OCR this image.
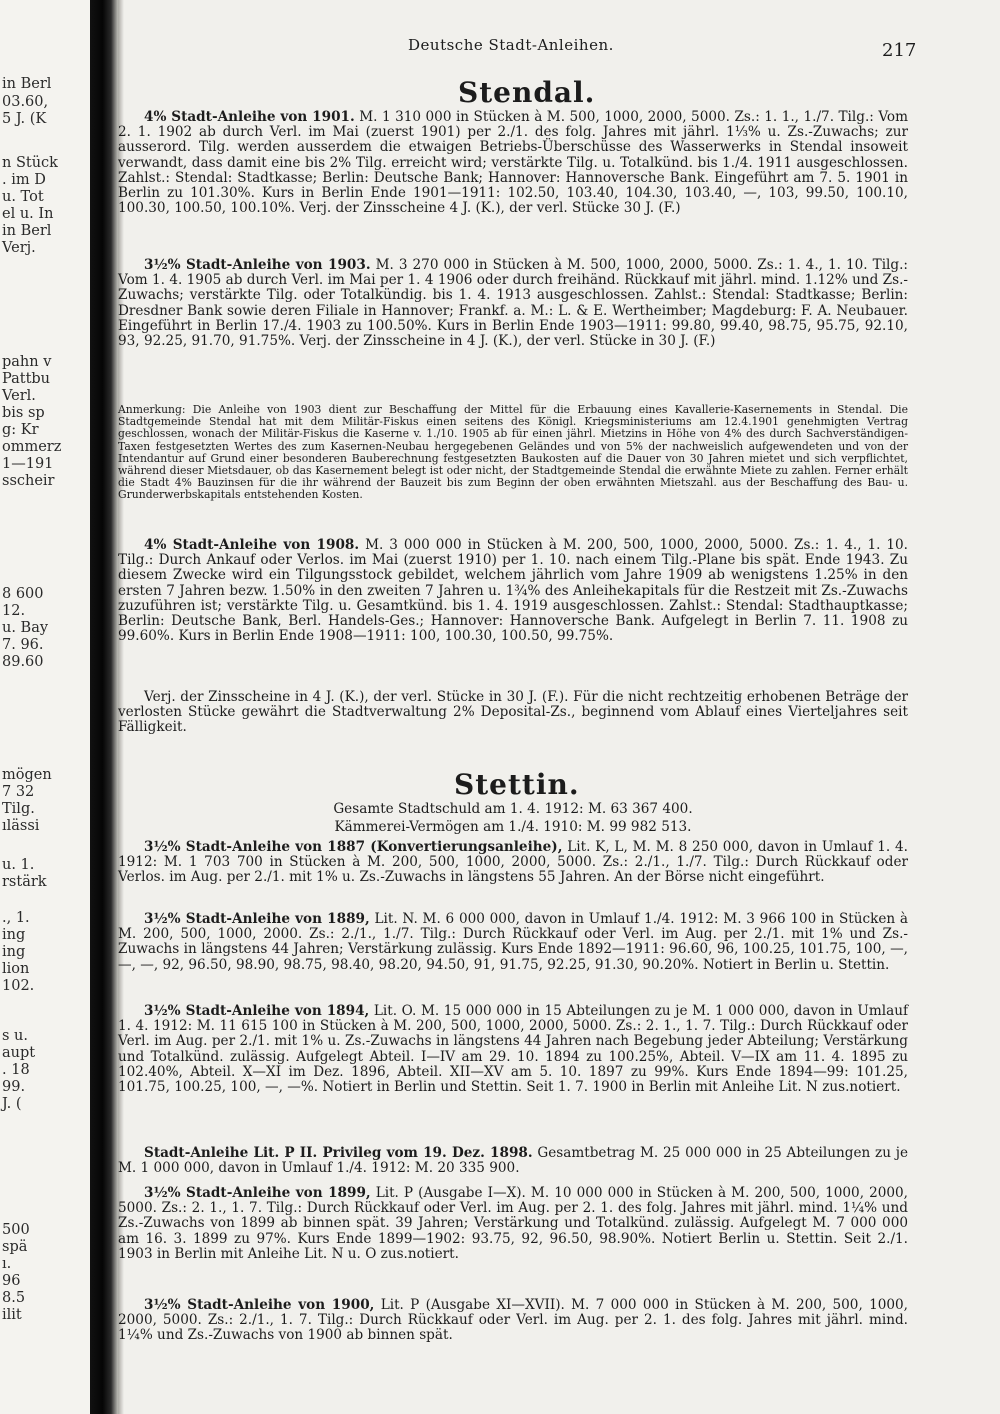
in Berl
03.60,
5 J. (K
n Stück
. im D
u. Tot
el u. In
in Berl
Verj.
pahn v
Pattbu
Verl.
bis sp
g: Kr
ommerz
1—191
sscheir
8 600
12.
u. Bay
7. 96.
89.60
mögen
7 32
Tilg.
ılässi
u. 1.
rstärk
., 1.
ing
ing
lion
102.
s u.
aupt
. 18
99.
J. (
500
spä
ı.
96
8.5
ilit
Deutsche Stadt-Anleihen.	217
Stendal.
4% Stadt-Anleihe von 1901. M. 1 310 000 in Stücken à M. 500, 1000, 2000, 5000. Zs.: 1. 1., 1./7. Tilg.: Vom 2. 1. 1902 ab durch Verl. im Mai (zuerst 1901) per 2./1. des folg. Jahres mit jährl. 1⅓% u. Zs.-Zuwachs; zur ausserord. Tilg. werden ausserdem die etwaigen Betriebs-Überschüsse des Wasserwerks in Stendal insoweit verwandt, dass damit eine bis 2% Tilg. erreicht wird; verstärkte Tilg. u. Totalkünd. bis 1./4. 1911 ausgeschlossen. Zahlst.: Stendal: Stadtkasse; Berlin: Deutsche Bank; Hannover: Hannoversche Bank. Eingeführt am 7. 5. 1901 in Berlin zu 101.30%. Kurs in Berlin Ende 1901—1911: 102.50, 103.40, 104.30, 103.40, —, 103, 99.50, 100.10, 100.30, 100.50, 100.10%. Verj. der Zinsscheine 4 J. (K.), der verl. Stücke 30 J. (F.)
3½% Stadt-Anleihe von 1903. M. 3 270 000 in Stücken à M. 500, 1000, 2000, 5000. Zs.: 1. 4., 1. 10. Tilg.: Vom 1. 4. 1905 ab durch Verl. im Mai per 1. 4 1906 oder durch freihänd. Rückkauf mit jährl. mind. 1.12% und Zs.-Zuwachs; verstärkte Tilg. oder Totalkündig. bis 1. 4. 1913 ausgeschlossen. Zahlst.: Stendal: Stadtkasse; Berlin: Dresdner Bank sowie deren Filiale in Hannover; Frankf. a. M.: L. & E. Wertheimber; Magdeburg: F. A. Neubauer. Eingeführt in Berlin 17./4. 1903 zu 100.50%. Kurs in Berlin Ende 1903—1911: 99.80, 99.40, 98.75, 95.75, 92.10, 93, 92.25, 91.70, 91.75%. Verj. der Zinsscheine in 4 J. (K.), der verl. Stücke in 30 J. (F.)
Anmerkung: Die Anleihe von 1903 dient zur Beschaffung der Mittel für die Erbauung eines Kavallerie-Kasernements in Stendal. Die Stadtgemeinde Stendal hat mit dem Militär-Fiskus einen seitens des Königl. Kriegsministeriums am 12.4.1901 genehmigten Vertrag geschlossen, wonach der Militär-Fiskus die Kaserne v. 1./10. 1905 ab für einen jährl. Mietzins in Höhe von 4% des durch Sachverständigen-Taxen festgesetzten Wertes des zum Kasernen-Neubau hergegebenen Geländes und von 5% der nachweislich aufgewendeten und von der Intendantur auf Grund einer besonderen Bauberechnung festgesetzten Baukosten auf die Dauer von 30 Jahren mietet und sich verpflichtet, während dieser Mietsdauer, ob das Kasernement belegt ist oder nicht, der Stadtgemeinde Stendal die erwähnte Miete zu zahlen. Ferner erhält die Stadt 4% Bauzinsen für die ihr während der Bauzeit bis zum Beginn der oben erwähnten Mietszahl. aus der Beschaffung des Bau- u. Grunderwerbskapitals entstehenden Kosten.
4% Stadt-Anleihe von 1908. M. 3 000 000 in Stücken à M. 200, 500, 1000, 2000, 5000. Zs.: 1. 4., 1. 10. Tilg.: Durch Ankauf oder Verlos. im Mai (zuerst 1910) per 1. 10. nach einem Tilg.-Plane bis spät. Ende 1943. Zu diesem Zwecke wird ein Tilgungsstock gebildet, welchem jährlich vom Jahre 1909 ab wenigstens 1.25% in den ersten 7 Jahren bezw. 1.50% in den zweiten 7 Jahren u. 1¾% des Anleihekapitals für die Restzeit mit Zs.-Zuwachs zuzuführen ist; verstärkte Tilg. u. Gesamtkünd. bis 1. 4. 1919 ausgeschlossen. Zahlst.: Stendal: Stadthauptkasse; Berlin: Deutsche Bank, Berl. Handels-Ges.; Hannover: Hannoversche Bank. Aufgelegt in Berlin 7. 11. 1908 zu 99.60%. Kurs in Berlin Ende 1908—1911: 100, 100.30, 100.50, 99.75%.
Verj. der Zinsscheine in 4 J. (K.), der verl. Stücke in 30 J. (F.). Für die nicht rechtzeitig erhobenen Beträge der verlosten Stücke gewährt die Stadtverwaltung 2% Deposital-Zs., beginnend vom Ablauf eines Vierteljahres seit Fälligkeit.
Stettin.
Gesamte Stadtschuld am 1. 4. 1912: M. 63 367 400.
Kämmerei-Vermögen am 1./4. 1910: M. 99 982 513.
3½% Stadt-Anleihe von 1887 (Konvertierungsanleihe), Lit. K, L, M. M. 8 250 000, davon in Umlauf 1. 4. 1912: M. 1 703 700 in Stücken à M. 200, 500, 1000, 2000, 5000. Zs.: 2./1., 1./7. Tilg.: Durch Rückkauf oder Verlos. im Aug. per 2./1. mit 1% u. Zs.-Zuwachs in längstens 55 Jahren. An der Börse nicht eingeführt.
3½% Stadt-Anleihe von 1889, Lit. N. M. 6 000 000, davon in Umlauf 1./4. 1912: M. 3 966 100 in Stücken à M. 200, 500, 1000, 2000. Zs.: 2./1., 1./7. Tilg.: Durch Rückkauf oder Verl. im Aug. per 2./1. mit 1% und Zs.-Zuwachs in längstens 44 Jahren; Verstärkung zulässig. Kurs Ende 1892—1911: 96.60, 96, 100.25, 101.75, 100, —, —, —, 92, 96.50, 98.90, 98.75, 98.40, 98.20, 94.50, 91, 91.75, 92.25, 91.30, 90.20%. Notiert in Berlin u. Stettin.
3½% Stadt-Anleihe von 1894, Lit. O. M. 15 000 000 in 15 Abteilungen zu je M. 1 000 000, davon in Umlauf 1. 4. 1912: M. 11 615 100 in Stücken à M. 200, 500, 1000, 2000, 5000. Zs.: 2. 1., 1. 7. Tilg.: Durch Rückkauf oder Verl. im Aug. per 2./1. mit 1% u. Zs.-Zuwachs in längstens 44 Jahren nach Begebung jeder Abteilung; Verstärkung und Totalkünd. zulässig. Aufgelegt Abteil. I—IV am 29. 10. 1894 zu 100.25%, Abteil. V—IX am 11. 4. 1895 zu 102.40%, Abteil. X—XI im Dez. 1896, Abteil. XII—XV am 5. 10. 1897 zu 99%. Kurs Ende 1894—99: 101.25, 101.75, 100.25, 100, —, —%. Notiert in Berlin und Stettin. Seit 1. 7. 1900 in Berlin mit Anleihe Lit. N zus.notiert.
Stadt-Anleihe Lit. P II. Privileg vom 19. Dez. 1898. Gesamtbetrag M. 25 000 000 in 25 Abteilungen zu je M. 1 000 000, davon in Umlauf 1./4. 1912: M. 20 335 900.
3½% Stadt-Anleihe von 1899, Lit. P (Ausgabe I—X). M. 10 000 000 in Stücken à M. 200, 500, 1000, 2000, 5000. Zs.: 2. 1., 1. 7. Tilg.: Durch Rückkauf oder Verl. im Aug. per 2. 1. des folg. Jahres mit jährl. mind. 1¼% und Zs.-Zuwachs von 1899 ab binnen spät. 39 Jahren; Verstärkung und Totalkünd. zulässig. Aufgelegt M. 7 000 000 am 16. 3. 1899 zu 97%. Kurs Ende 1899—1902: 93.75, 92, 96.50, 98.90%. Notiert Berlin u. Stettin. Seit 2./1. 1903 in Berlin mit Anleihe Lit. N u. O zus.notiert.
3½% Stadt-Anleihe von 1900, Lit. P (Ausgabe XI—XVII). M. 7 000 000 in Stücken à M. 200, 500, 1000, 2000, 5000. Zs.: 2./1., 1. 7. Tilg.: Durch Rückkauf oder Verl. im Aug. per 2. 1. des folg. Jahres mit jährl. mind. 1¼% und Zs.-Zuwachs von 1900 ab binnen spät.
